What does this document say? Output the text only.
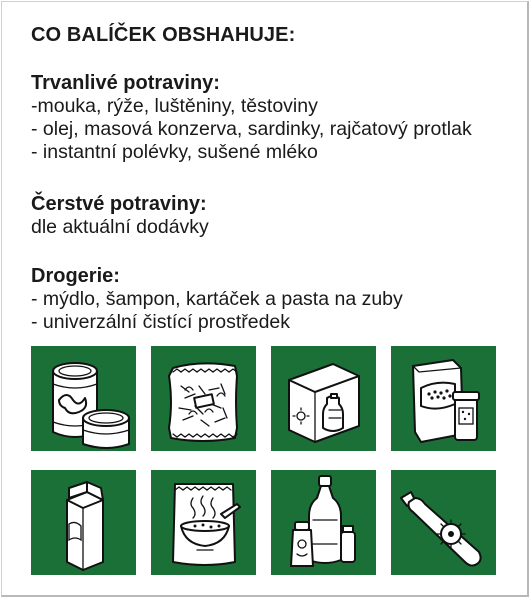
CO BALÍČEK OBSHAHUJE:
Trvanlivé potraviny:
-mouka, rýže, luštěniny, těstoviny
- olej, masová konzerva, sardinky, rajčatový protlak
- instantní polévky, sušené mléko
Čerstvé potraviny:
dle aktuální dodávky
Drogerie:
- mýdlo, šampon, kartáček a pasta na zuby
- univerzální čistící prostředek
